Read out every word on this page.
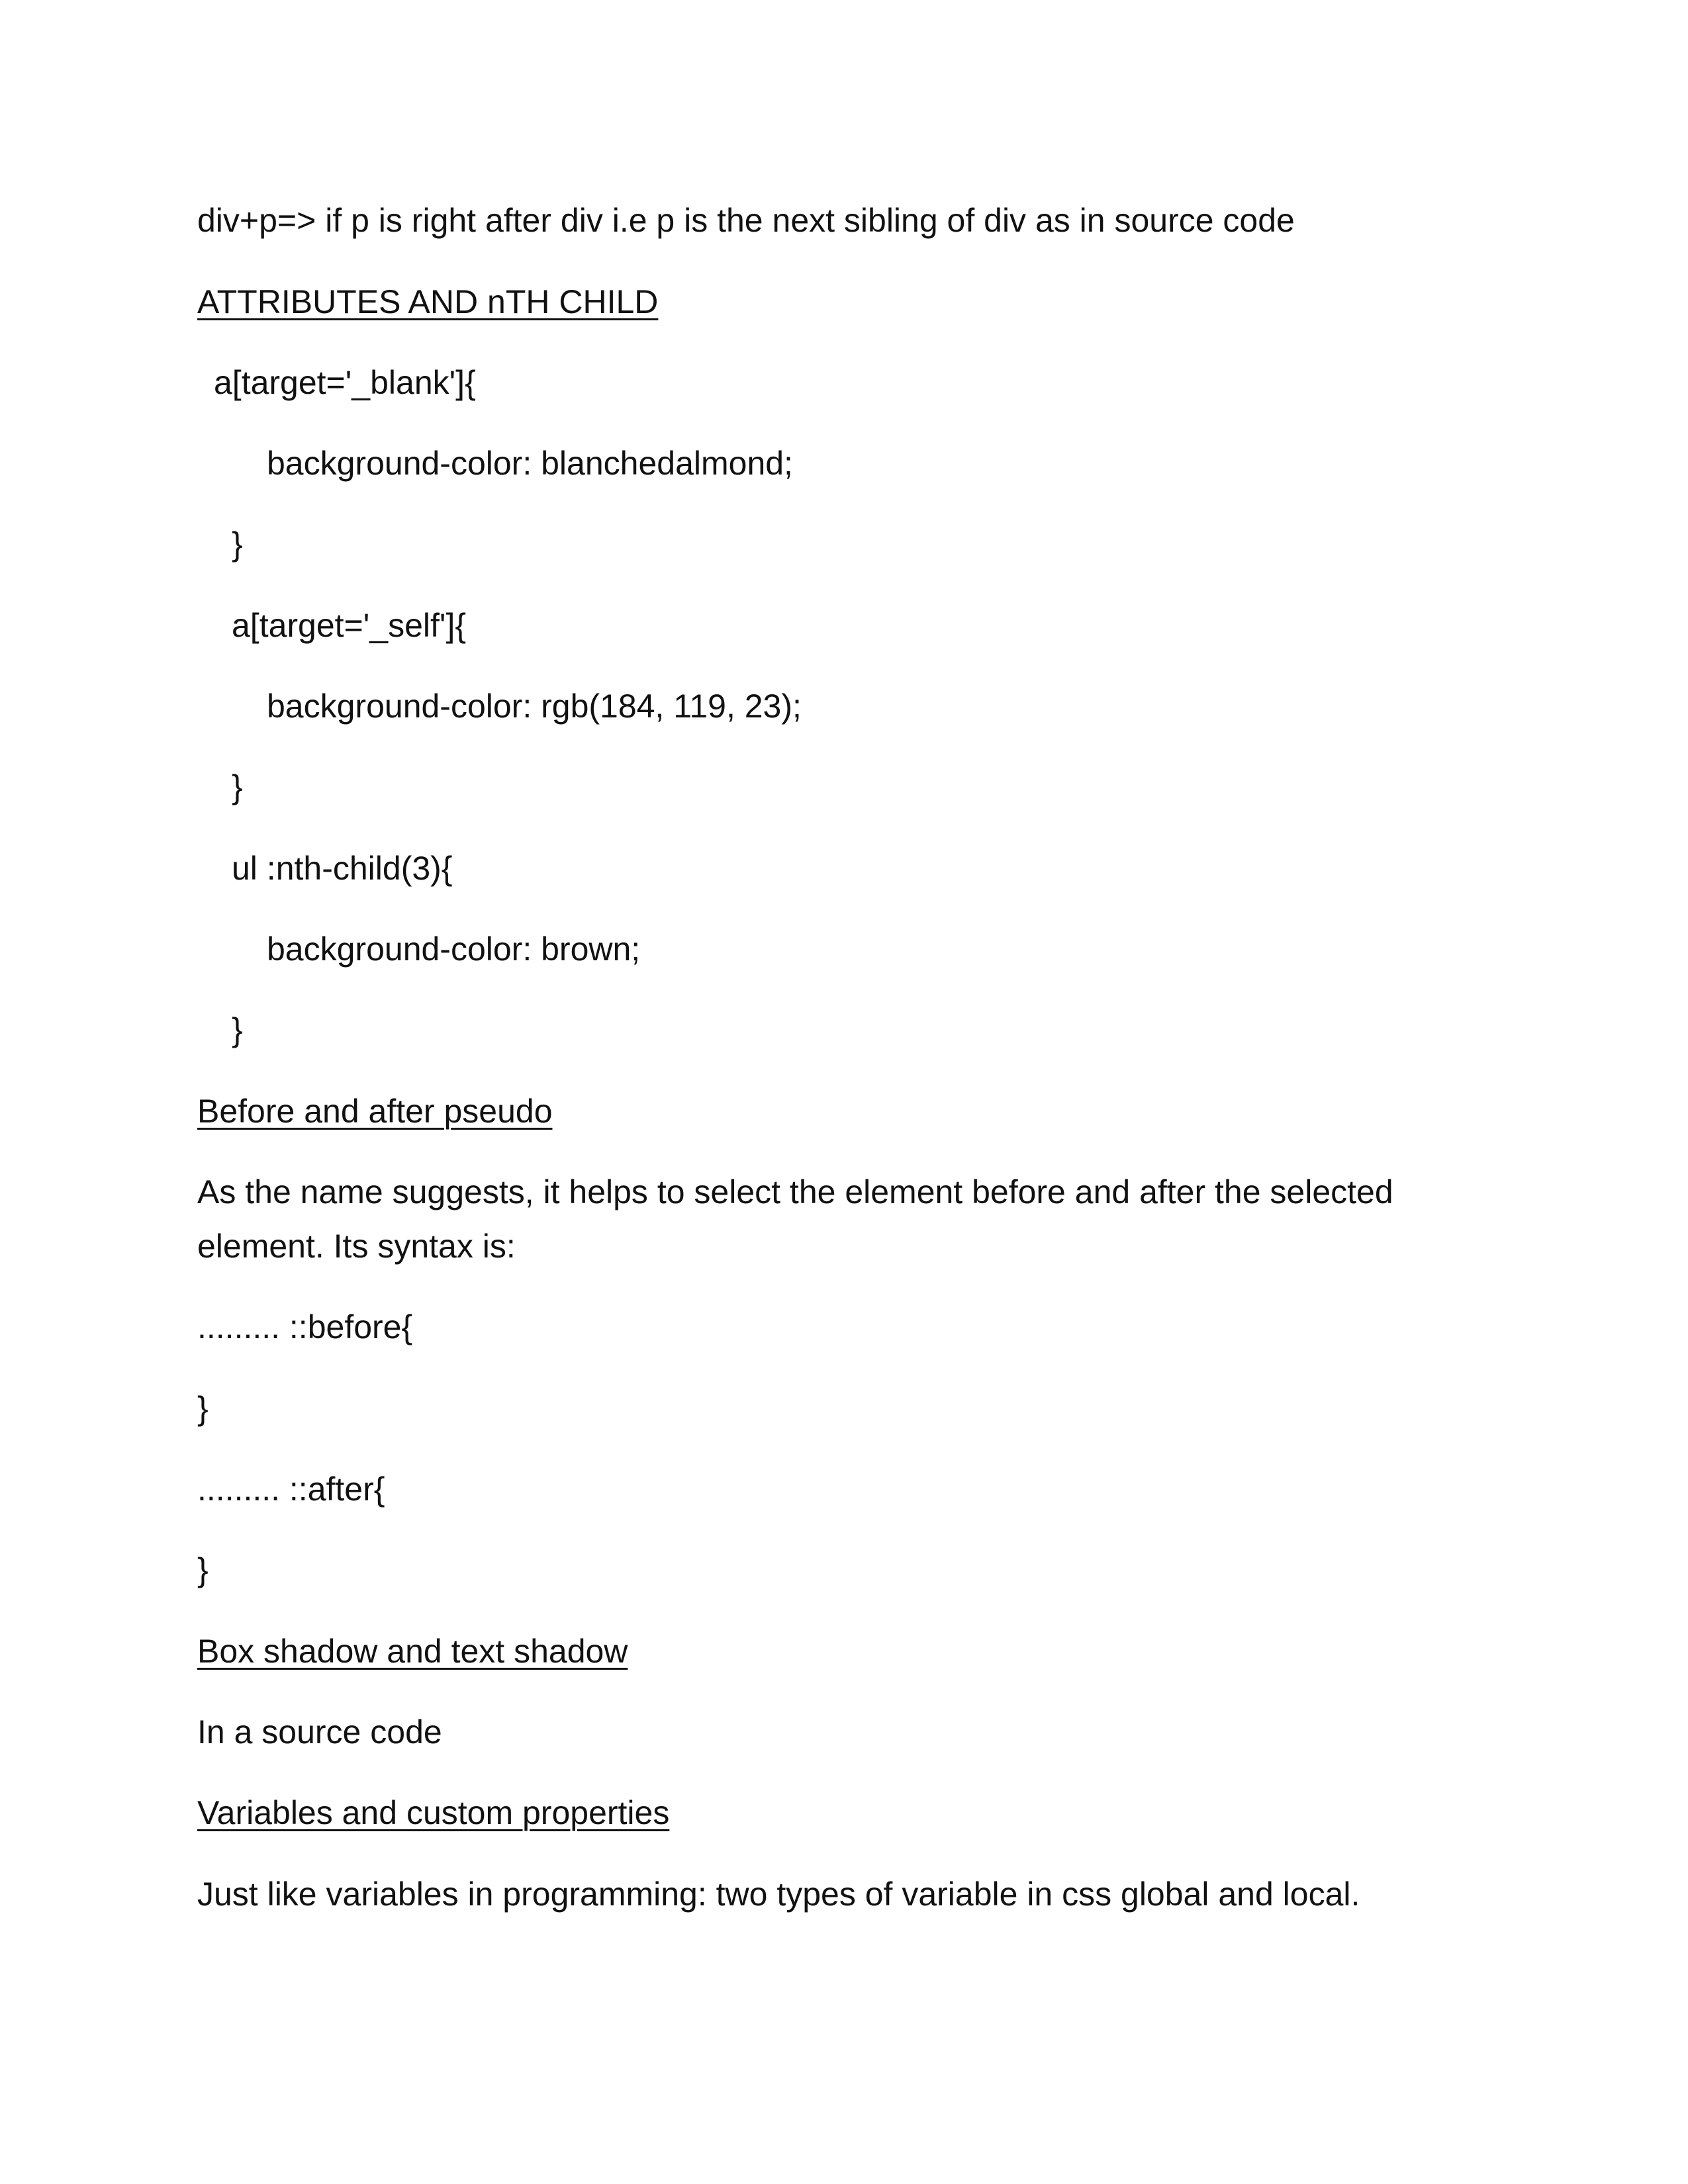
div+p=> if p is right after div i.e p is the next sibling of div as in source code

ATTRIBUTES AND nTH CHILD

a[target='_blank']{

background-color: blanchedalmond;

}

a[target='_self']{

background-color: rgb(184, 119, 23);

}

ul :nth-child(3){

background-color: brown;

}

Before and after pseudo

As the name suggests, it helps to select the element before and after the selected

element. Its syntax is:

......... ::before{

}

......... ::after{

}

Box shadow and text shadow

In a source code

Variables and custom properties

Just like variables in programming: two types of variable in css global and local.
